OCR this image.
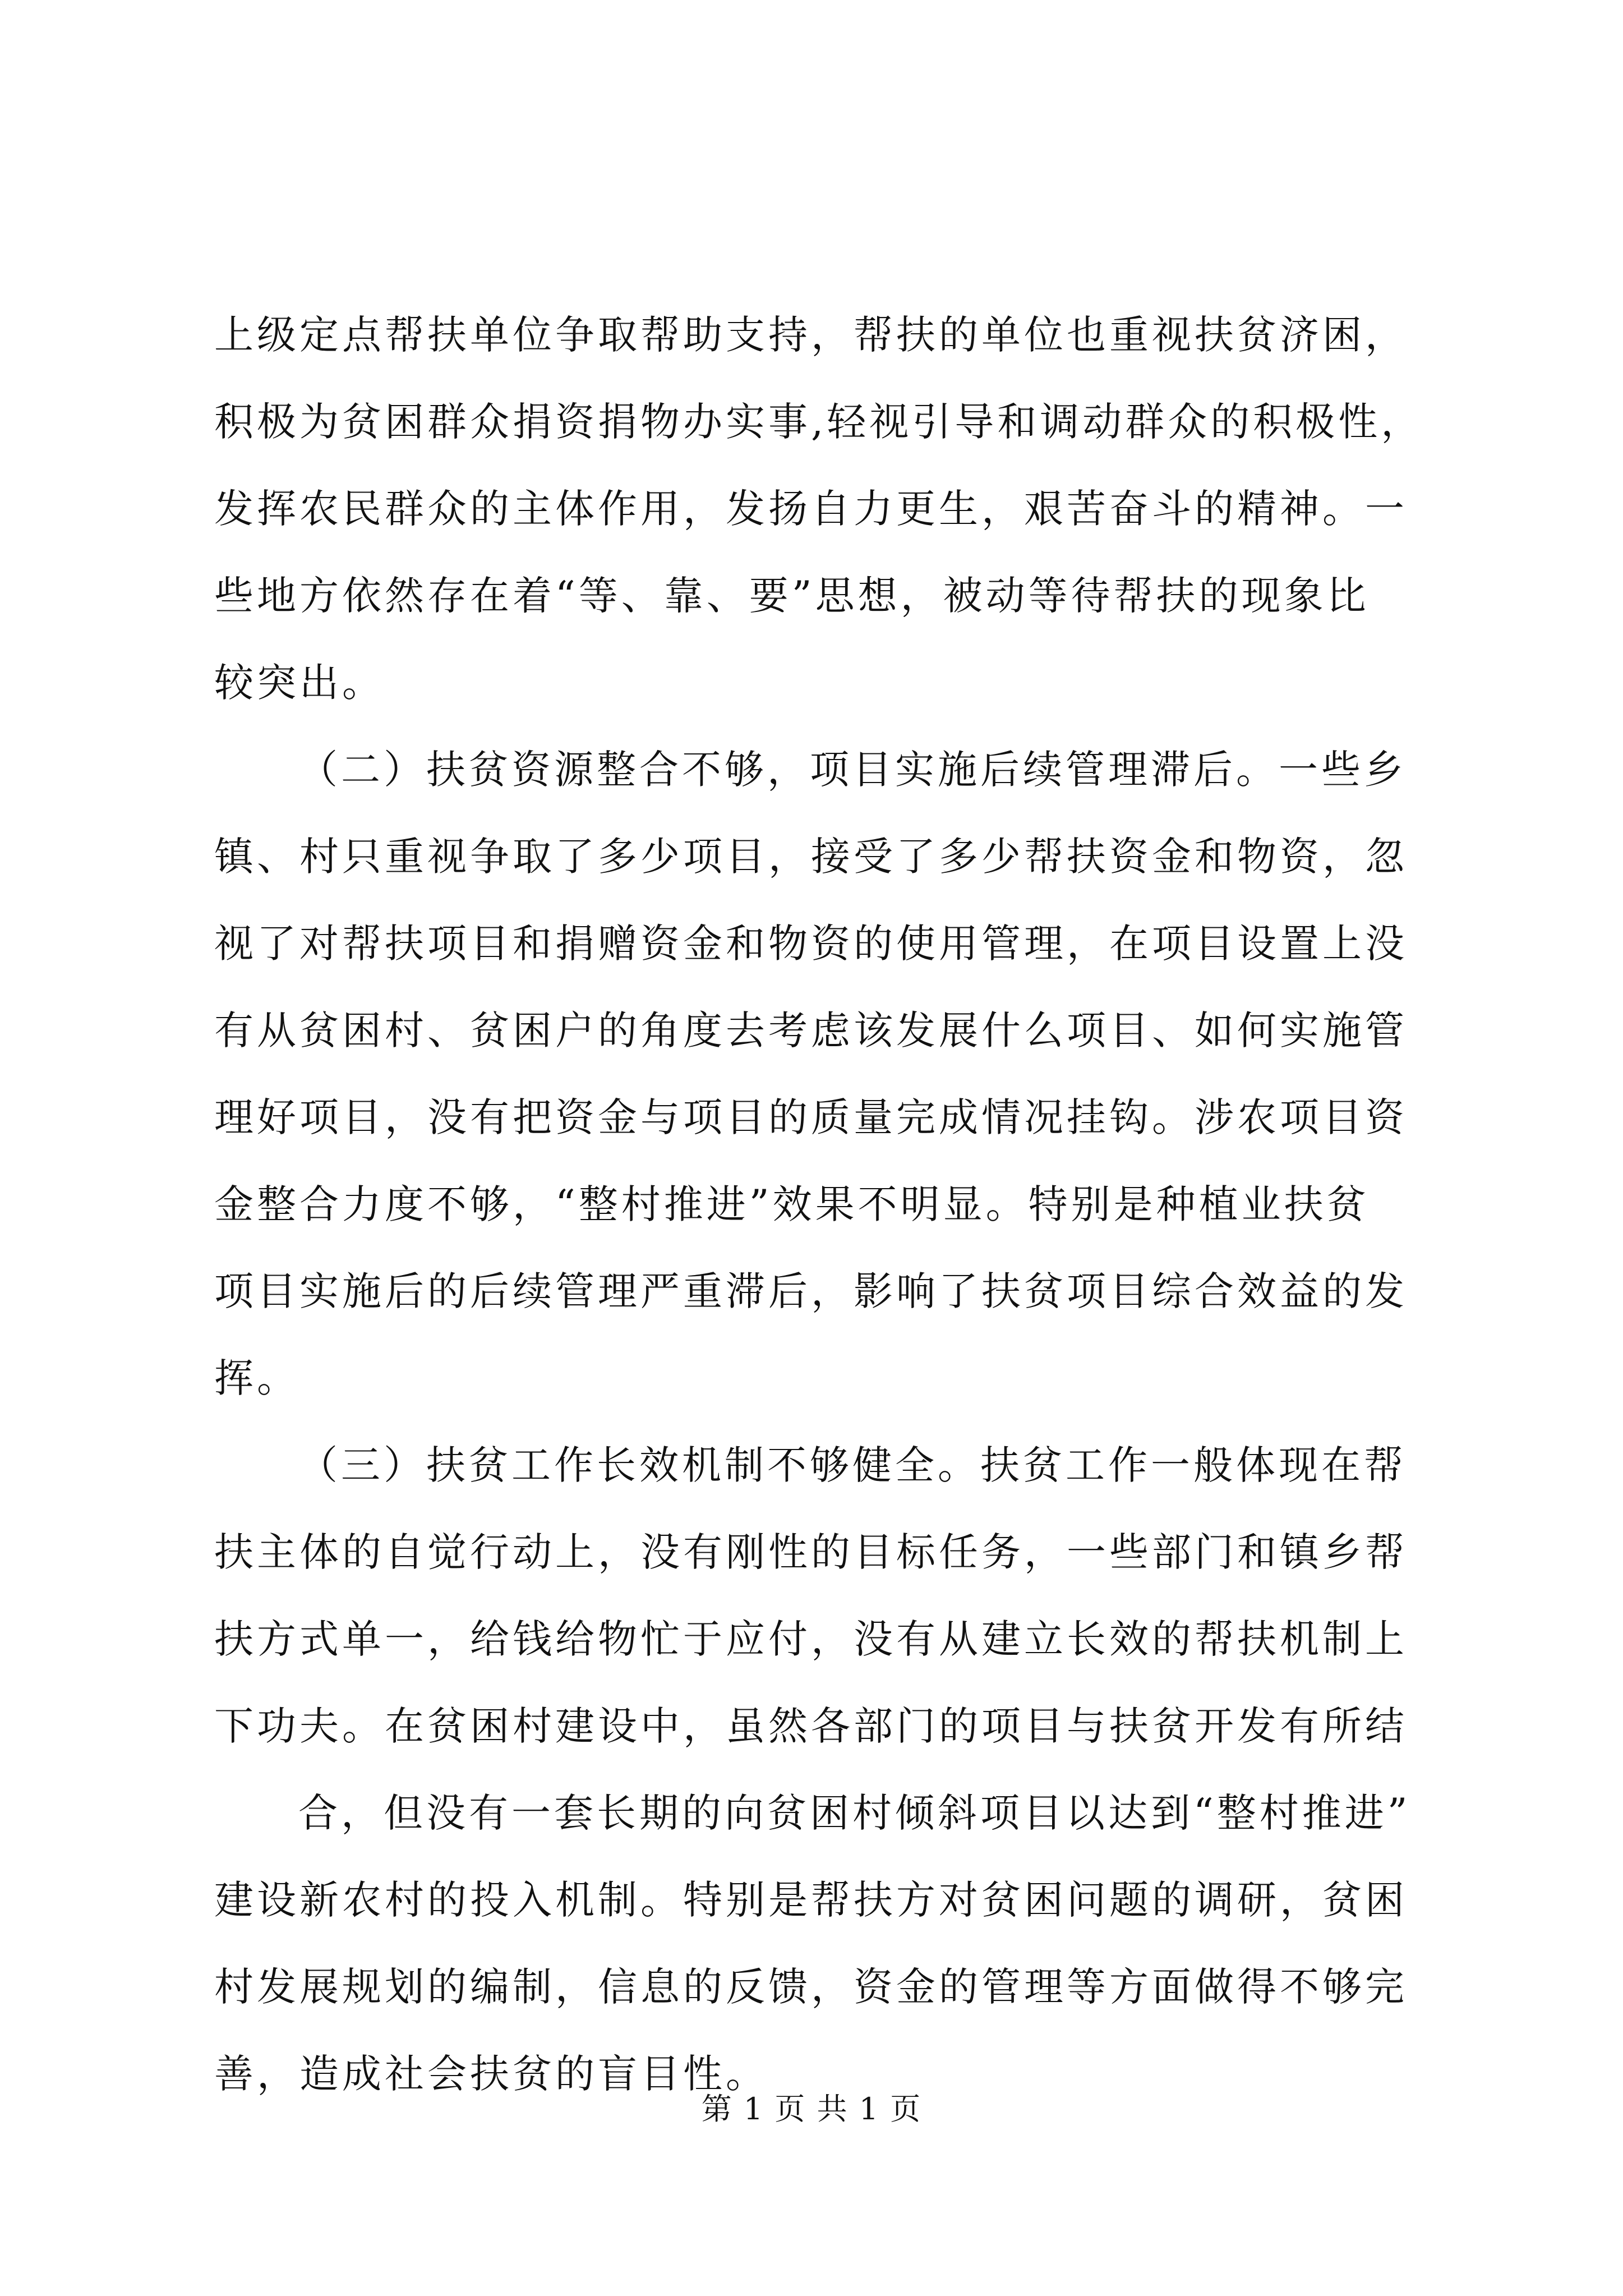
上级定点帮扶单位争取帮助支持，帮扶的单位也重视扶贫济困，
积极为贫困群众捐资捐物办实事,轻视引导和调动群众的积极性，
发挥农民群众的主体作用，发扬自力更生，艰苦奋斗的精神。一
些地方依然存在着“等、靠、要”思想，被动等待帮扶的现象比
较突出。
（二）扶贫资源整合不够，项目实施后续管理滞后。一些乡
镇、村只重视争取了多少项目，接受了多少帮扶资金和物资，忽
视了对帮扶项目和捐赠资金和物资的使用管理，在项目设置上没
有从贫困村、贫困户的角度去考虑该发展什么项目、如何实施管
理好项目，没有把资金与项目的质量完成情况挂钩。涉农项目资
金整合力度不够，“整村推进”效果不明显。特别是种植业扶贫
项目实施后的后续管理严重滞后，影响了扶贫项目综合效益的发
挥。
（三）扶贫工作长效机制不够健全。扶贫工作一般体现在帮
扶主体的自觉行动上，没有刚性的目标任务，一些部门和镇乡帮
扶方式单一，给钱给物忙于应付，没有从建立长效的帮扶机制上
下功夫。在贫困村建设中，虽然各部门的项目与扶贫开发有所结
合，但没有一套长期的向贫困村倾斜项目以达到“整村推进”
建设新农村的投入机制。特别是帮扶方对贫困问题的调研，贫困
村发展规划的编制，信息的反馈，资金的管理等方面做得不够完
善，造成社会扶贫的盲目性。
第 1 页 共 1 页
